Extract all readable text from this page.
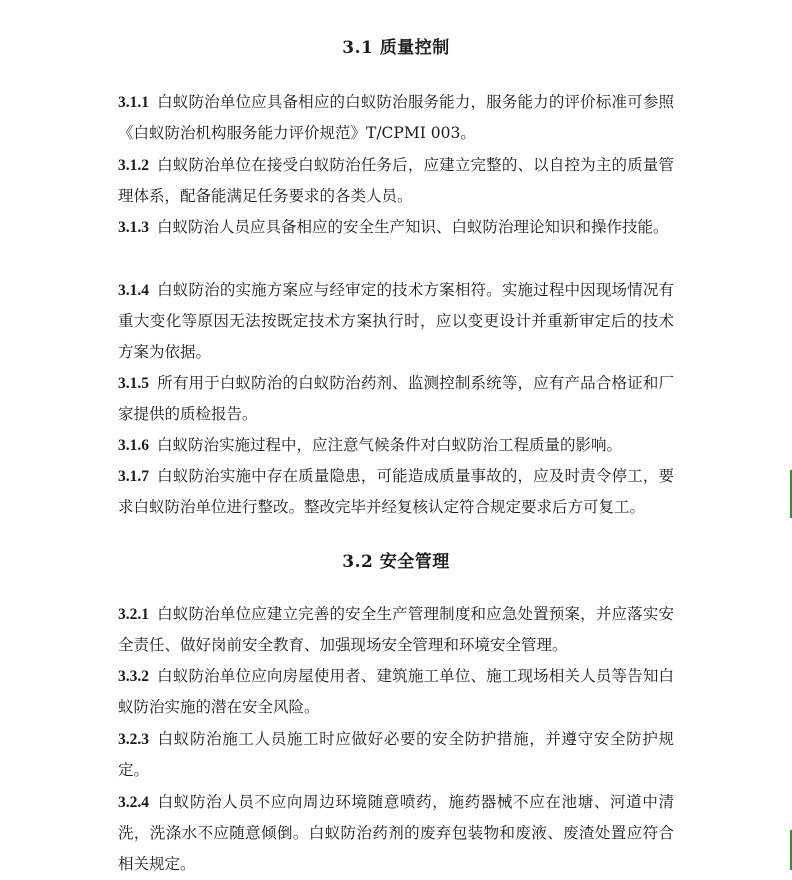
3.1 质量控制
3.1.1 白蚁防治单位应具备相应的白蚁防治服务能力，服务能力的评价标准可参照《白蚁防治机构服务能力评价规范》T/CPMI 003。
3.1.2 白蚁防治单位在接受白蚁防治任务后，应建立完整的、以自控为主的质量管理体系，配备能满足任务要求的各类人员。
3.1.3 白蚁防治人员应具备相应的安全生产知识、白蚁防治理论知识和操作技能。
3.1.4 白蚁防治的实施方案应与经审定的技术方案相符。实施过程中因现场情况有重大变化等原因无法按既定技术方案执行时，应以变更设计并重新审定后的技术方案为依据。
3.1.5 所有用于白蚁防治的白蚁防治药剂、监测控制系统等，应有产品合格证和厂家提供的质检报告。
3.1.6 白蚁防治实施过程中，应注意气候条件对白蚁防治工程质量的影响。
3.1.7 白蚁防治实施中存在质量隐患，可能造成质量事故的，应及时责令停工，要求白蚁防治单位进行整改。整改完毕并经复核认定符合规定要求后方可复工。
3.2 安全管理
3.2.1 白蚁防治单位应建立完善的安全生产管理制度和应急处置预案，并应落实安全责任、做好岗前安全教育、加强现场安全管理和环境安全管理。
3.3.2 白蚁防治单位应向房屋使用者、建筑施工单位、施工现场相关人员等告知白蚁防治实施的潜在安全风险。
3.2.3 白蚁防治施工人员施工时应做好必要的安全防护措施，并遵守安全防护规定。
3.2.4 白蚁防治人员不应向周边环境随意喷药，施药器械不应在池塘、河道中清洗，洗涤水不应随意倾倒。白蚁防治药剂的废弃包装物和废液、废渣处置应符合相关规定。
